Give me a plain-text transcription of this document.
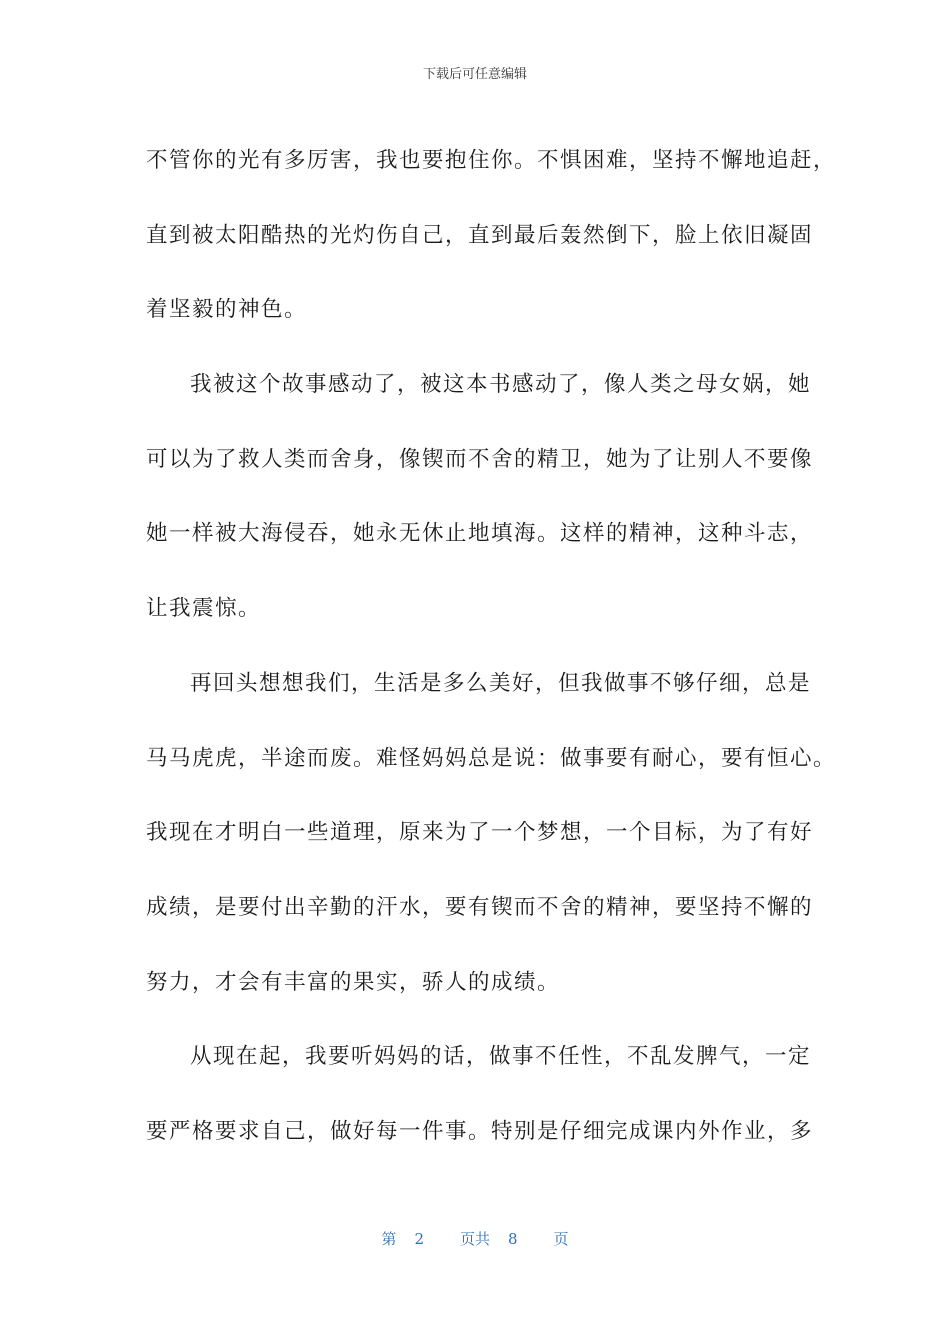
下载后可任意编辑
不管你的光有多厉害，我也要抱住你。不惧困难，坚持不懈地追赶，
直到被太阳酷热的光灼伤自己，直到最后轰然倒下，脸上依旧凝固
着坚毅的神色。
我被这个故事感动了，被这本书感动了，像人类之母女娲，她
可以为了救人类而舍身，像锲而不舍的精卫，她为了让别人不要像
她一样被大海侵吞，她永无休止地填海。这样的精神，这种斗志，
让我震惊。
再回头想想我们，生活是多么美好，但我做事不够仔细，总是
马马虎虎，半途而废。难怪妈妈总是说：做事要有耐心，要有恒心。
我现在才明白一些道理，原来为了一个梦想，一个目标，为了有好
成绩，是要付出辛勤的汗水，要有锲而不舍的精神，要坚持不懈的
努力，才会有丰富的果实，骄人的成绩。
从现在起，我要听妈妈的话，做事不任性，不乱发脾气，一定
要严格要求自己，做好每一件事。特别是仔细完成课内外作业，多
第 2 页共 8 页
